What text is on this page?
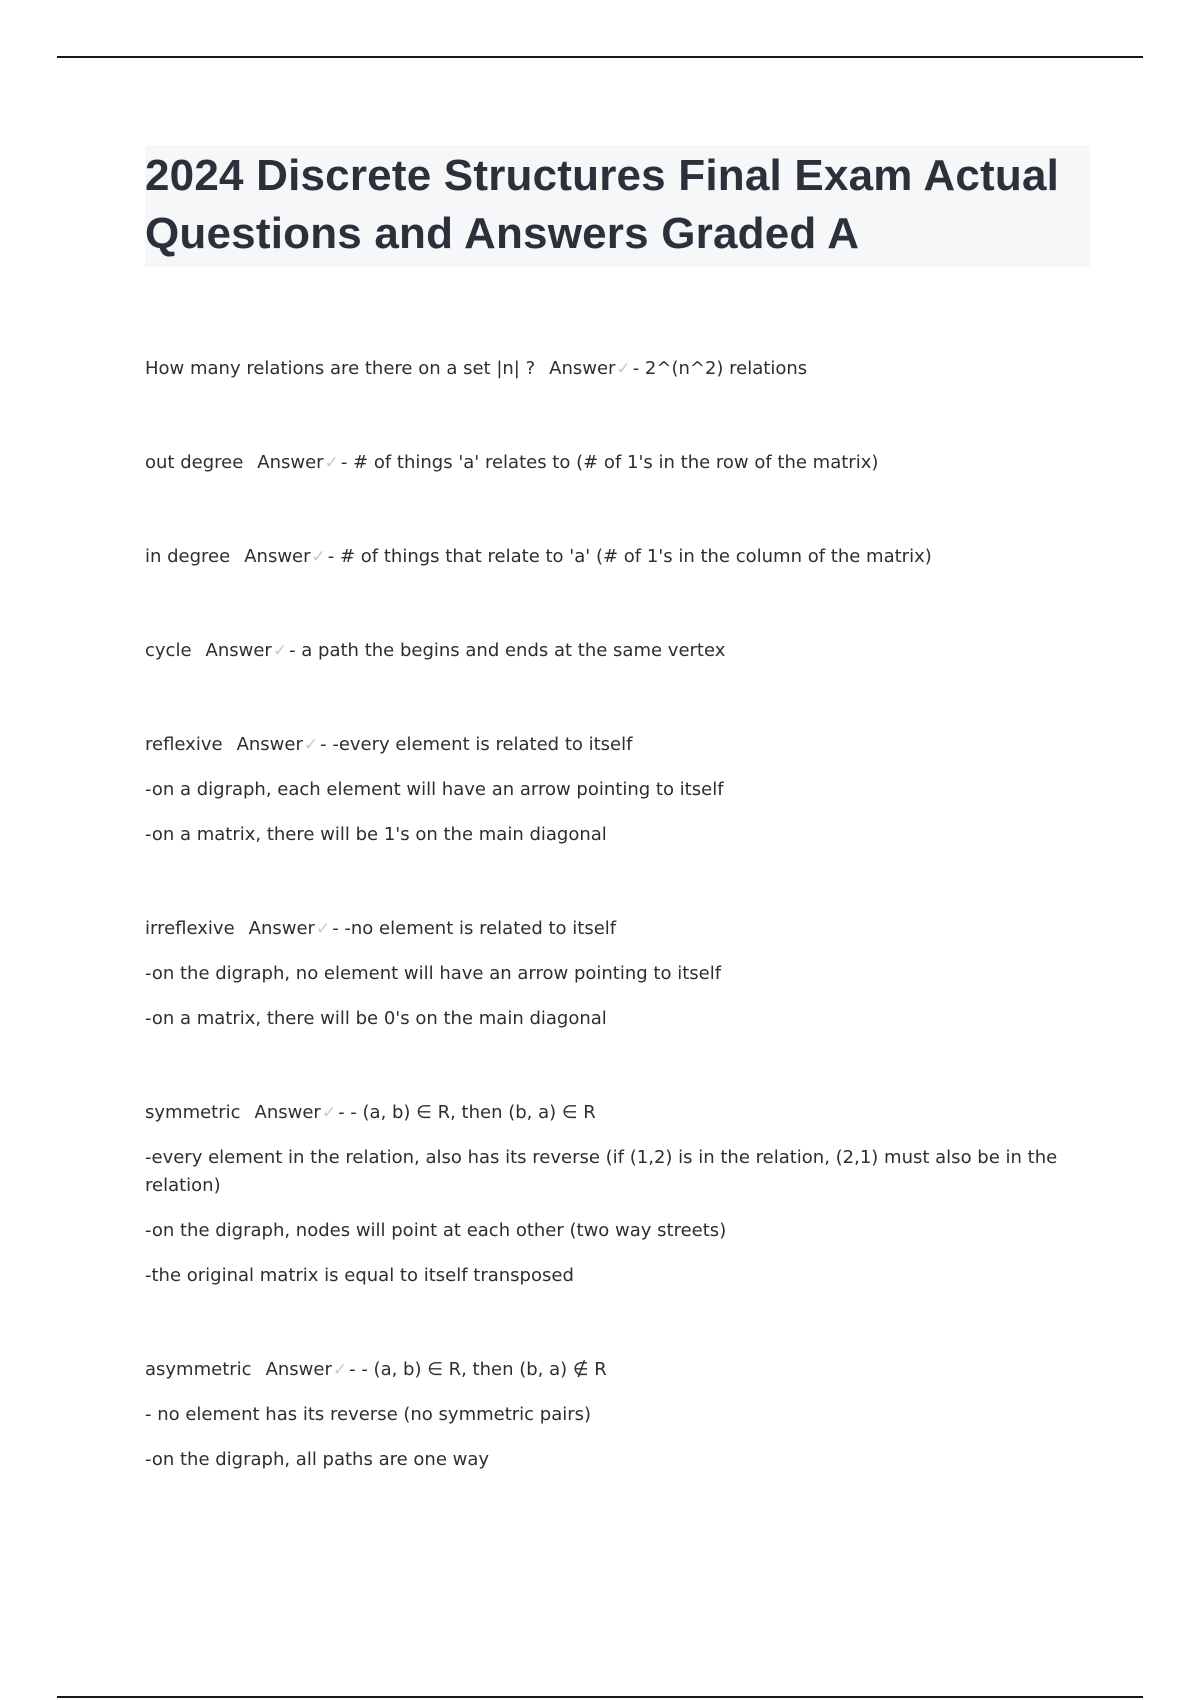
2024 Discrete Structures Final Exam Actual Questions and Answers Graded A

How many relations are there on a set |n| ? Answer✓ - 2^(n^2) relations

out degree Answer✓ - # of things 'a' relates to (# of 1's in the row of the matrix)

in degree Answer✓ - # of things that relate to 'a' (# of 1's in the column of the matrix)

cycle Answer✓ - a path the begins and ends at the same vertex

reflexive Answer✓ - -every element is related to itself

-on a digraph, each element will have an arrow pointing to itself

-on a matrix, there will be 1's on the main diagonal

irreflexive Answer✓ - -no element is related to itself

-on the digraph, no element will have an arrow pointing to itself

-on a matrix, there will be 0's on the main diagonal

symmetric Answer✓ - - (a, b) ∈ R, then (b, a) ∈ R

-every element in the relation, also has its reverse (if (1,2) is in the relation, (2,1) must also be in the relation)

-on the digraph, nodes will point at each other (two way streets)

-the original matrix is equal to itself transposed

asymmetric Answer✓ - - (a, b) ∈ R, then (b, a) ∉ R

- no element has its reverse (no symmetric pairs)

-on the digraph, all paths are one way
